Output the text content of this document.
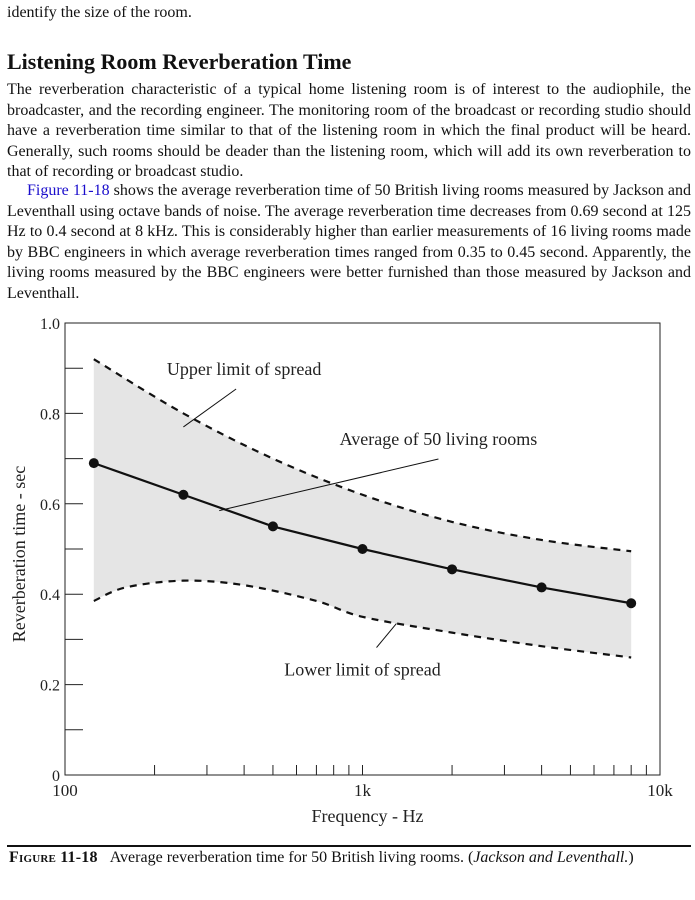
identify the size of the room.
Listening Room Reverberation Time

The reverberation characteristic of a typical home listening room is of interest to the audiophile, the broadcaster, and the recording engineer. The monitoring room of the broadcast or recording studio should have a reverberation time similar to that of the listening room in which the final product will be heard. Generally, such rooms should be deader than the listening room, which will add its own reverberation to that of recording or broadcast studio.

Figure 11-18 shows the average reverberation time of 50 British living rooms measured by Jackson and Leventhall using octave bands of noise. The average reverberation time decreases from 0.69 second at 125 Hz to 0.4 second at 8 kHz. This is considerably higher than earlier measurements of 16 living rooms made by BBC engineers in which average reverberation times ranged from 0.35 to 0.45 second. Apparently, the living rooms measured by the BBC engineers were better furnished than those measured by Jackson and Leventhall.

Upper limit of spread
Average of 50 living rooms
Lower limit of spread
0
0.2
0.4
0.6
0.8
1.0
100	1k	10k
Frequency - Hz
Reverberation time - sec
Figure 11-18 Average reverberation time for 50 British living rooms. (Jackson and Leventhall.)
